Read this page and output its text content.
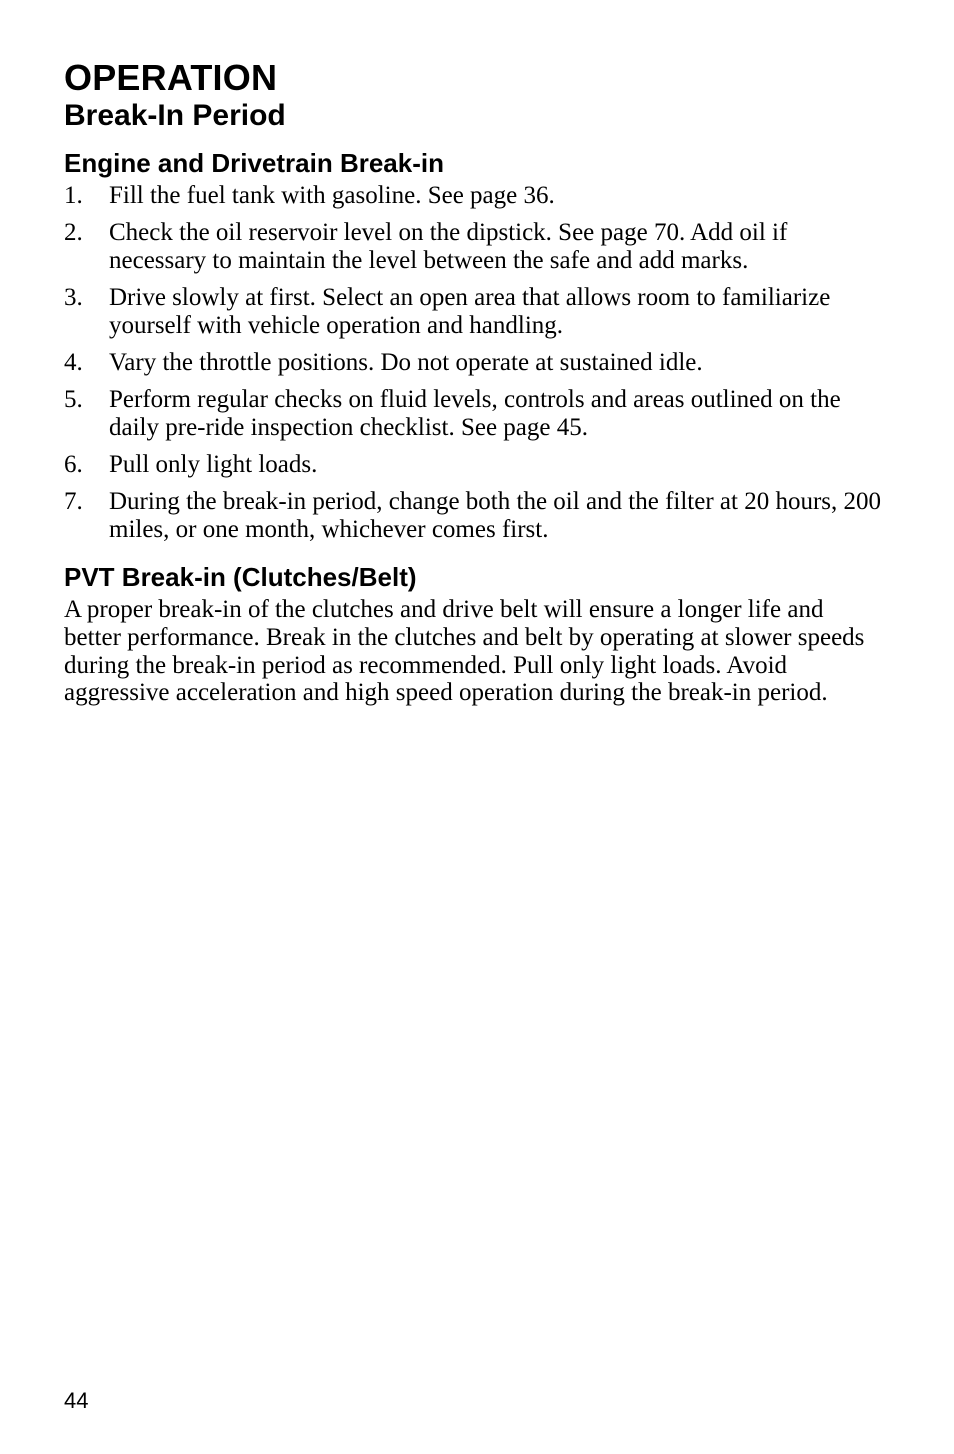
OPERATION
Break-In Period
Engine and Drivetrain Break-in
1.	Fill the fuel tank with gasoline. See page 36.
2.	Check the oil reservoir level on the dipstick. See page 70. Add oil if necessary to maintain the level between the safe and add marks.
3.	Drive slowly at first. Select an open area that allows room to familiarize yourself with vehicle operation and handling.
4.	Vary the throttle positions. Do not operate at sustained idle.
5.	Perform regular checks on fluid levels, controls and areas outlined on the daily pre-ride inspection checklist. See page 45.
6.	Pull only light loads.
7.	During the break-in period, change both the oil and the filter at 20 hours, 200 miles, or one month, whichever comes first.
PVT Break-in (Clutches/Belt)

A proper break-in of the clutches and drive belt will ensure a longer life and better performance. Break in the clutches and belt by operating at slower speeds during the break-in period as recommended. Pull only light loads. Avoid aggressive acceleration and high speed operation during the break-in period.

44
